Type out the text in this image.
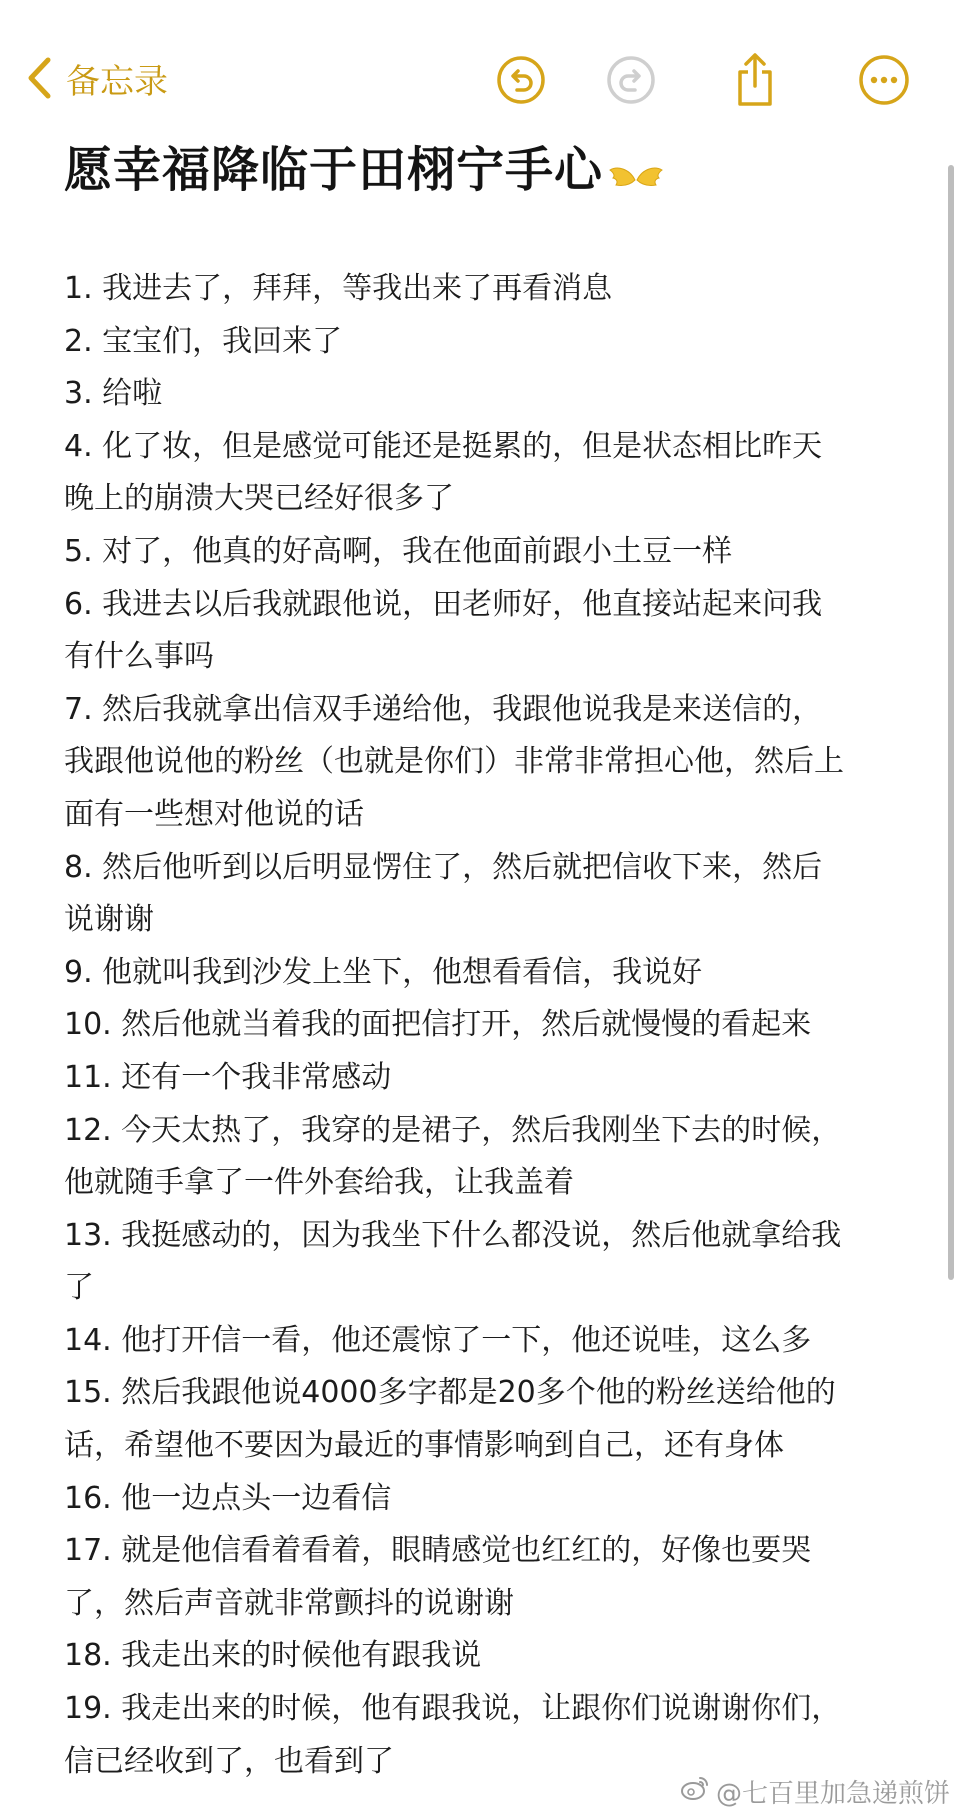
备忘录
愿幸福降临于田栩宁手心
1. 我进去了，拜拜，等我出来了再看消息
2. 宝宝们，我回来了
3. 给啦
4. 化了妆，但是感觉可能还是挺累的，但是状态相比昨天
晚上的崩溃大哭已经好很多了
5. 对了，他真的好高啊，我在他面前跟小土豆一样
6. 我进去以后我就跟他说，田老师好，他直接站起来问我
有什么事吗
7. 然后我就拿出信双手递给他，我跟他说我是来送信的，
我跟他说他的粉丝（也就是你们）非常非常担心他，然后上
面有一些想对他说的话
8. 然后他听到以后明显愣住了，然后就把信收下来，然后
说谢谢
9. 他就叫我到沙发上坐下，他想看看信，我说好
10. 然后他就当着我的面把信打开，然后就慢慢的看起来
11. 还有一个我非常感动
12. 今天太热了，我穿的是裙子，然后我刚坐下去的时候，
他就随手拿了一件外套给我，让我盖着
13. 我挺感动的，因为我坐下什么都没说，然后他就拿给我
了
14. 他打开信一看，他还震惊了一下，他还说哇，这么多
15. 然后我跟他说4000多字都是20多个他的粉丝送给他的
话，希望他不要因为最近的事情影响到自己，还有身体
16. 他一边点头一边看信
17. 就是他信看着看着，眼睛感觉也红红的，好像也要哭
了，然后声音就非常颤抖的说谢谢
18. 我走出来的时候他有跟我说
19. 我走出来的时候，他有跟我说，让跟你们说谢谢你们，
信已经收到了，也看到了
@七百里加急递煎饼
